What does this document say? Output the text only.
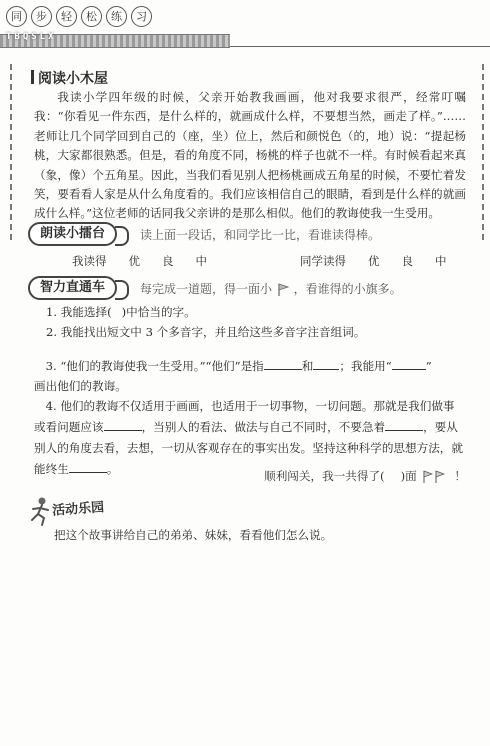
同	步	轻	松	练	习
TBQSLX
阅读小木屋

我读小学四年级的时候，父亲开始教我画画，他对我要求很严，经常叮嘱我：“你看见一件东西，是什么样的，就画成什么样，不要想当然，画走了样。”……老师让几个同学回到自己的（座，坐）位上，然后和颜悦色（的，地）说：“提起杨桃，大家都很熟悉。但是，看的角度不同，杨桃的样子也就不一样。有时候看起来真（象，像）个五角星。因此，当我们看见别人把杨桃画成五角星的时候，不要忙着发笑，要看看人家是从什么角度看的。我们应该相信自己的眼睛，看到是什么样的就画成什么样。”这位老师的话同我父亲讲的是那么相似。他们的教诲使我一生受用。

朗读小擂台	读上面一段话，和同学比一比，看谁读得棒。
我读得 优 良 中	同学读得 优 良 中
智力直通车	每完成一道题，得一面小 ，看谁得的小旗多。

1. 我能选择( )中恰当的字。

2. 我能找出短文中 3 个多音字，并且给这些多音字注音组词。

3. “他们的教诲使我一生受用。”“他们”是指	和 ；我能用“	”
画出他们的教诲。

4. 他们的教诲不仅适用于画画，也适用于一切事物，一切问题。那就是我们做事或看问题应该	，当别人的看法、做法与自己不同时，不要急着	，要从别人的角度去看，去想，一切从客观存在的事实出发。坚持这种科学的思想方法，就能终生	。	顺利闯关，我一共得了( )面	！
活动乐园
把这个故事讲给自己的弟弟、妹妹，看看他们怎么说。
